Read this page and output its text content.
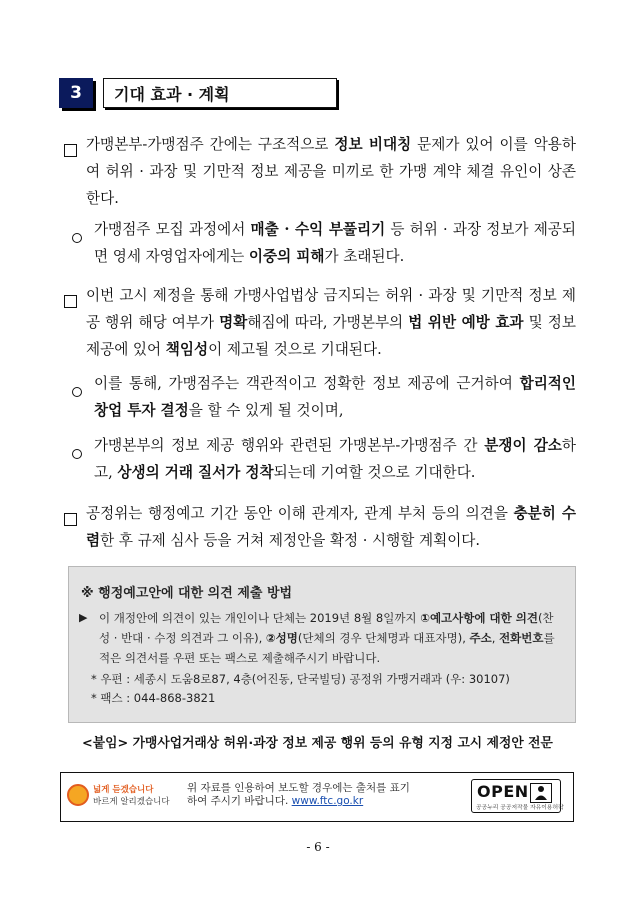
3	기대 효과 · 계획
가맹본부-가맹점주 간에는 구조적으로 정보 비대칭 문제가 있어 이를 악용하여 허위 · 과장 및 기만적 정보 제공을 미끼로 한 가맹 계약 체결 유인이 상존한다.
가맹점주 모집 과정에서 매출 · 수익 부풀리기 등 허위 · 과장 정보가 제공되면 영세 자영업자에게는 이중의 피해가 초래된다.
이번 고시 제정을 통해 가맹사업법상 금지되는 허위 · 과장 및 기만적 정보 제공 행위 해당 여부가 명확해짐에 따라, 가맹본부의 법 위반 예방 효과 및 정보 제공에 있어 책임성이 제고될 것으로 기대된다.
이를 통해, 가맹점주는 객관적이고 정확한 정보 제공에 근거하여 합리적인 창업 투자 결정을 할 수 있게 될 것이며,
가맹본부의 정보 제공 행위와 관련된 가맹본부-가맹점주 간 분쟁이 감소하고, 상생의 거래 질서가 정착되는데 기여할 것으로 기대한다.
공정위는 행정예고 기간 동안 이해 관계자, 관계 부처 등의 의견을 충분히 수렴한 후 규제 심사 등을 거쳐 제정안을 확정 · 시행할 계획이다.
※ 행정예고안에 대한 의견 제출 방법
▶ 이 개정안에 의견이 있는 개인이나 단체는 2019년 8월 8일까지 ①예고사항에 대한 의견(찬성 · 반대 · 수정 의견과 그 이유), ②성명(단체의 경우 단체명과 대표자명), 주소, 전화번호를 적은 의견서를 우편 또는 팩스로 제출해주시기 바랍니다.
* 우편 : 세종시 도움8로87, 4층(어진동, 단국빌딩) 공정위 가맹거래과 (우: 30107)
* 팩스 : 044-868-3821
<붙임> 가맹사업거래상 허위·과장 정보 제공 행위 등의 유형 지정 고시 제정안 전문
넓게 듣겠습니다
바르게 알리겠습니다
위 자료를 인용하여 보도할 경우에는 출처를 표기
하여 주시기 바랍니다. www.ftc.go.kr	OPEN
공공누리 공공저작물 자유이용허락
- 6 -
